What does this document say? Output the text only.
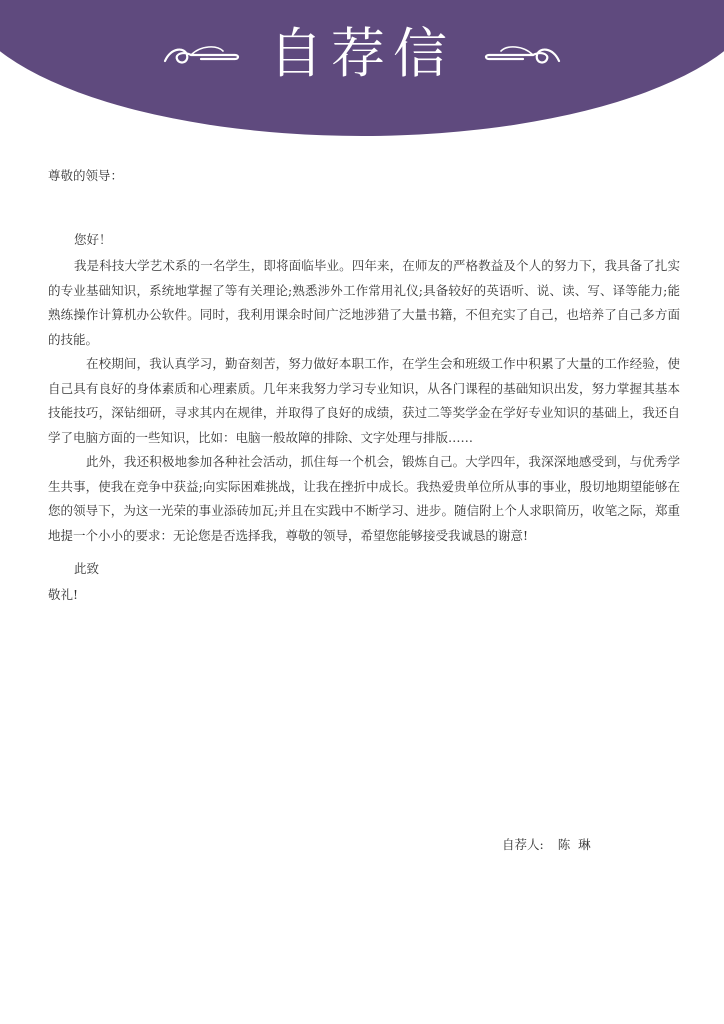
自荐信
尊敬的领导：
您好！

我是科技大学艺术系的一名学生，即将面临毕业。四年来，在师友的严格教益及个人的努力下，我具备了扎实的专业基础知识，系统地掌握了等有关理论;熟悉涉外工作常用礼仪;具备较好的英语听、说、读、写、译等能力;能熟练操作计算机办公软件。同时，我利用课余时间广泛地涉猎了大量书籍，不但充实了自己，也培养了自己多方面的技能。

在校期间，我认真学习，勤奋刻苦，努力做好本职工作，在学生会和班级工作中积累了大量的工作经验，使自己具有良好的身体素质和心理素质。几年来我努力学习专业知识，从各门课程的基础知识出发，努力掌握其基本技能技巧，深钻细研，寻求其内在规律，并取得了良好的成绩，获过二等奖学金在学好专业知识的基础上，我还自学了电脑方面的一些知识，比如：电脑一般故障的排除、文字处理与排版……

此外，我还积极地参加各种社会活动，抓住每一个机会，锻炼自己。大学四年，我深深地感受到，与优秀学生共事，使我在竞争中获益;向实际困难挑战，让我在挫折中成长。我热爱贵单位所从事的事业，殷切地期望能够在您的领导下，为这一光荣的事业添砖加瓦;并且在实践中不断学习、进步。随信附上个人求职简历，收笔之际，郑重地提一个小小的要求：无论您是否选择我，尊敬的领导，希望您能够接受我诚恳的谢意!

此致
敬礼!
自荐人: 陈  琳
